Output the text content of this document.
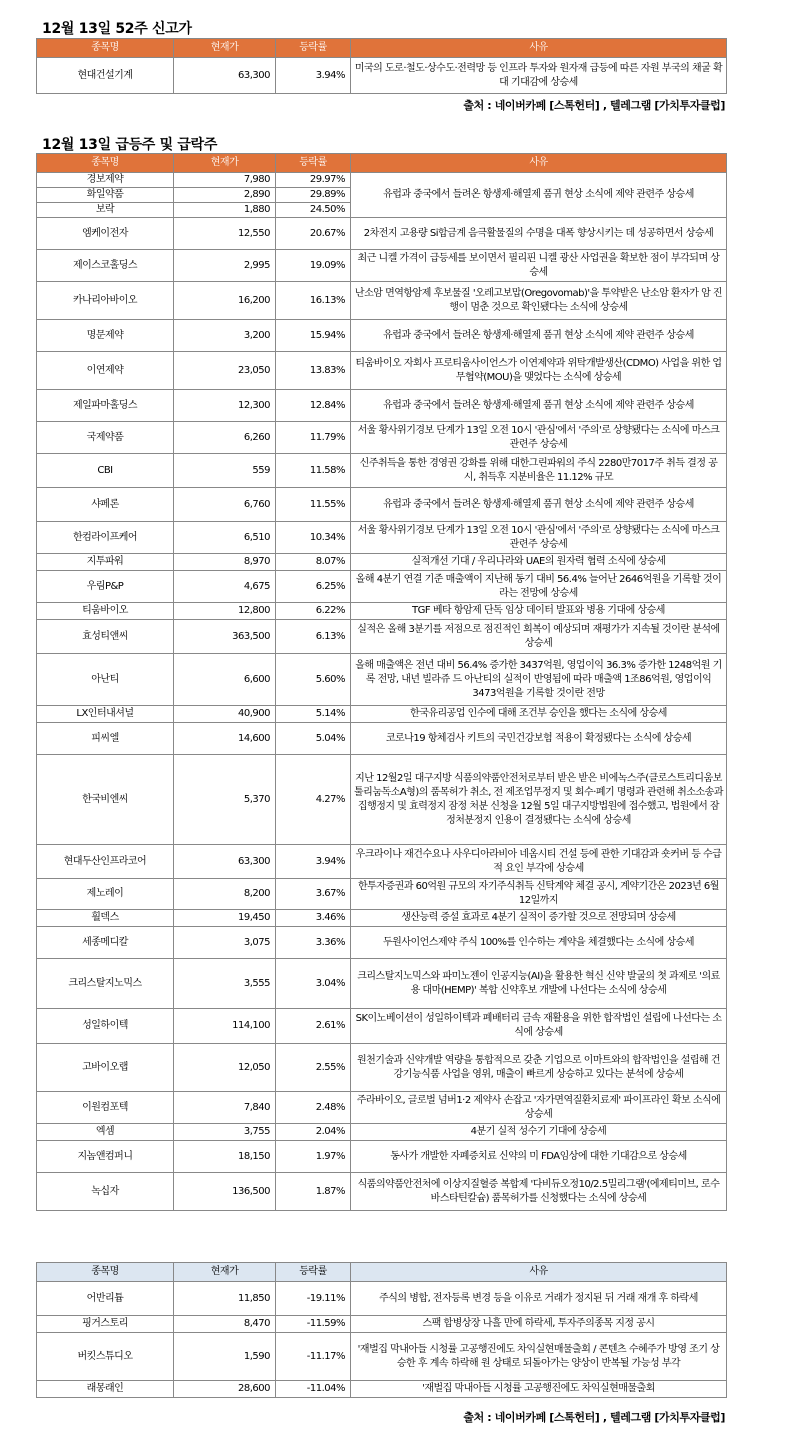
12월 13일 52주 신고가
종목명	현재가	등락률	사유
현대건설기계	63,300	3.94%	미국의 도로·철도·상수도·전력망 등 인프라 투자와 원자재 급등에 따른 자원 부국의 채굴 확대 기대감에 상승세
출처 : 네이버카페 [스톡헌터] , 텔레그램 [가치투자클럽]
12월 13일 급등주 및 급락주
종목명	현재가	등락률	사유
경보제약	7,980	29.97%	유럽과 중국에서 들려온 항생제·해열제 품귀 현상 소식에 제약 관련주 상승세
화일약품	2,890	29.89%	
보락	1,880	24.50%	
엠케이전자	12,550	20.67%	2차전지 고용량 Si합금계 음극활물질의 수명을 대폭 향상시키는 데 성공하면서 상승세
제이스코홀딩스	2,995	19.09%	최근 니켈 가격이 급등세를 보이면서 필리핀 니켈 광산 사업권을 확보한 점이 부각되며 상승세
카나리아바이오	16,200	16.13%	난소암 면역항암제 후보물질 '오레고보맙(Oregovomab)'을 투약받은 난소암 환자가 암 진행이 멈춘 것으로 확인됐다는 소식에 상승세
명문제약	3,200	15.94%	유럽과 중국에서 들려온 항생제·해열제 품귀 현상 소식에 제약 관련주 상승세
이연제약	23,050	13.83%	티움바이오 자회사 프로티움사이언스가 이연제약과 위탁개발생산(CDMO) 사업을 위한 업무협약(MOU)을 맺었다는 소식에 상승세
제일파마홀딩스	12,300	12.84%	유럽과 중국에서 들려온 항생제·해열제 품귀 현상 소식에 제약 관련주 상승세
국제약품	6,260	11.79%	서울 황사위기경보 단계가 13일 오전 10시 '관심'에서 '주의'로 상향됐다는 소식에 마스크 관련주 상승세
CBI	559	11.58%	신주취득을 통한 경영권 강화를 위해 대한그린파워의 주식 2280만7017주 취득 결정 공시, 취득후 지분비율은 11.12% 규모
샤페론	6,760	11.55%	유럽과 중국에서 들려온 항생제·해열제 품귀 현상 소식에 제약 관련주 상승세
한컴라이프케어	6,510	10.34%	서울 황사위기경보 단계가 13일 오전 10시 '관심'에서 '주의'로 상향됐다는 소식에 마스크 관련주 상승세
지투파워	8,970	8.07%	실적개선 기대 / 우리나라와 UAE의 원자력 협력 소식에 상승세
우림P&P	4,675	6.25%	올해 4분기 연결 기준 매출액이 지난해 동기 대비 56.4% 늘어난 2646억원을 기록할 것이라는 전망에 상승세
티움바이오	12,800	6.22%	TGF 베타 항암제 단독 임상 데이터 발표와 병용 기대에 상승세
효성티앤씨	363,500	6.13%	실적은 올해 3분기를 저점으로 점진적인 회복이 예상되며 재평가가 지속될 것이란 분석에 상승세
아난티	6,600	5.60%	올해 매출액은 전년 대비 56.4% 증가한 3437억원, 영업이익 36.3% 증가한 1248억원 기록 전망, 내년 빌라쥬 드 아난티의 실적이 반영됨에 따라 매출액 1조86억원, 영업이익 3473억원을 기록할 것이란 전망
LX인터내셔널	40,900	5.14%	한국유리공업 인수에 대해 조건부 승인을 했다는 소식에 상승세
피씨엘	14,600	5.04%	코로나19 항체검사 키트의 국민건강보험 적용이 확정됐다는 소식에 상승세
한국비엔씨	5,370	4.27%	지난 12월2일 대구지방 식품의약품안전처로부터 받은 받은 비에녹스주(클로스트리디움보툴리눔독소A형)의 품목허가 취소, 전 제조업무정지 및 회수·폐기 명령과 관련해 취소소송과 집행정지 및 효력정지 잠정 처분 신청을 12월 5일 대구지방법원에 접수했고, 법원에서 잠정처분정지 인용이 결정됐다는 소식에 상승세
현대두산인프라코어	63,300	3.94%	우크라이나 재건수요나 사우디아라비아 네옴시티 건설 등에 관한 기대감과 숏커버 등 수급적 요인 부각에 상승세
제노레이	8,200	3.67%	한투자증권과 60억원 규모의 자기주식취득 신탁계약 체결 공시, 계약기간은 2023년 6월 12일까지
휠덱스	19,450	3.46%	생산능력 증설 효과로 4분기 실적이 증가할 것으로 전망되며 상승세
세종메디칼	3,075	3.36%	두원사이언스제약 주식 100%를 인수하는 계약을 체결했다는 소식에 상승세
크리스탈지노믹스	3,555	3.04%	크리스탈지노믹스와 파미노젠이 인공지능(AI)을 활용한 혁신 신약 발굴의 첫 과제로 '의료용 대마(HEMP)' 복합 신약후보 개발에 나선다는 소식에 상승세
성일하이텍	114,100	2.61%	SK이노베이션이 성일하이텍과 폐배터리 금속 재활용을 위한 합작법인 설립에 나선다는 소식에 상승세
고바이오랩	12,050	2.55%	원천기술과 신약개발 역량을 통합적으로 갖춘 기업으로 이마트와의 합작법인을 설립해 건강기능식품 사업을 영위, 매출이 빠르게 상승하고 있다는 분석에 상승세
이원컴포텍	7,840	2.48%	주라바이오, 글로벌 넘버1·2 제약사 손잡고 '자가면역질환치료제' 파이프라인 확보 소식에 상승세
엑셈	3,755	2.04%	4분기 실적 성수기 기대에 상승세
지놈앤컴퍼니	18,150	1.97%	동사가 개발한 자폐증치료 신약의 미 FDA임상에 대한 기대감으로 상승세
녹십자	136,500	1.87%	식품의약품안전처에 이상지질혈증 복합제 '다비듀오정10/2.5밀리그램'(에제티미브, 로수바스타틴칼슘) 품목허가를 신청했다는 소식에 상승세
종목명	현재가	등락률	사유
어반리튬	11,850	-19.11%	주식의 병합, 전자등록 변경 등을 이유로 거래가 정지된 뒤 거래 재개 후 하락세
핑거스토리	8,470	-11.59%	스팩 합병상장 나흘 만에 하락세, 투자주의종목 지정 공시
버킷스튜디오	1,590	-11.17%	'재벌집 막내아들 시청률 고공행진에도 차익실현매물출회 / 콘텐츠 수혜주가 방영 조기 상승한 후 계속 하락해 원 상태로 되돌아가는 양상이 반복될 가능성 부각
래몽래인	28,600	-11.04%	'재벌집 막내아들 시청률 고공행진에도 차익실현매물출회
출처 : 네이버카페 [스톡헌터] , 텔레그램 [가치투자클럽]
